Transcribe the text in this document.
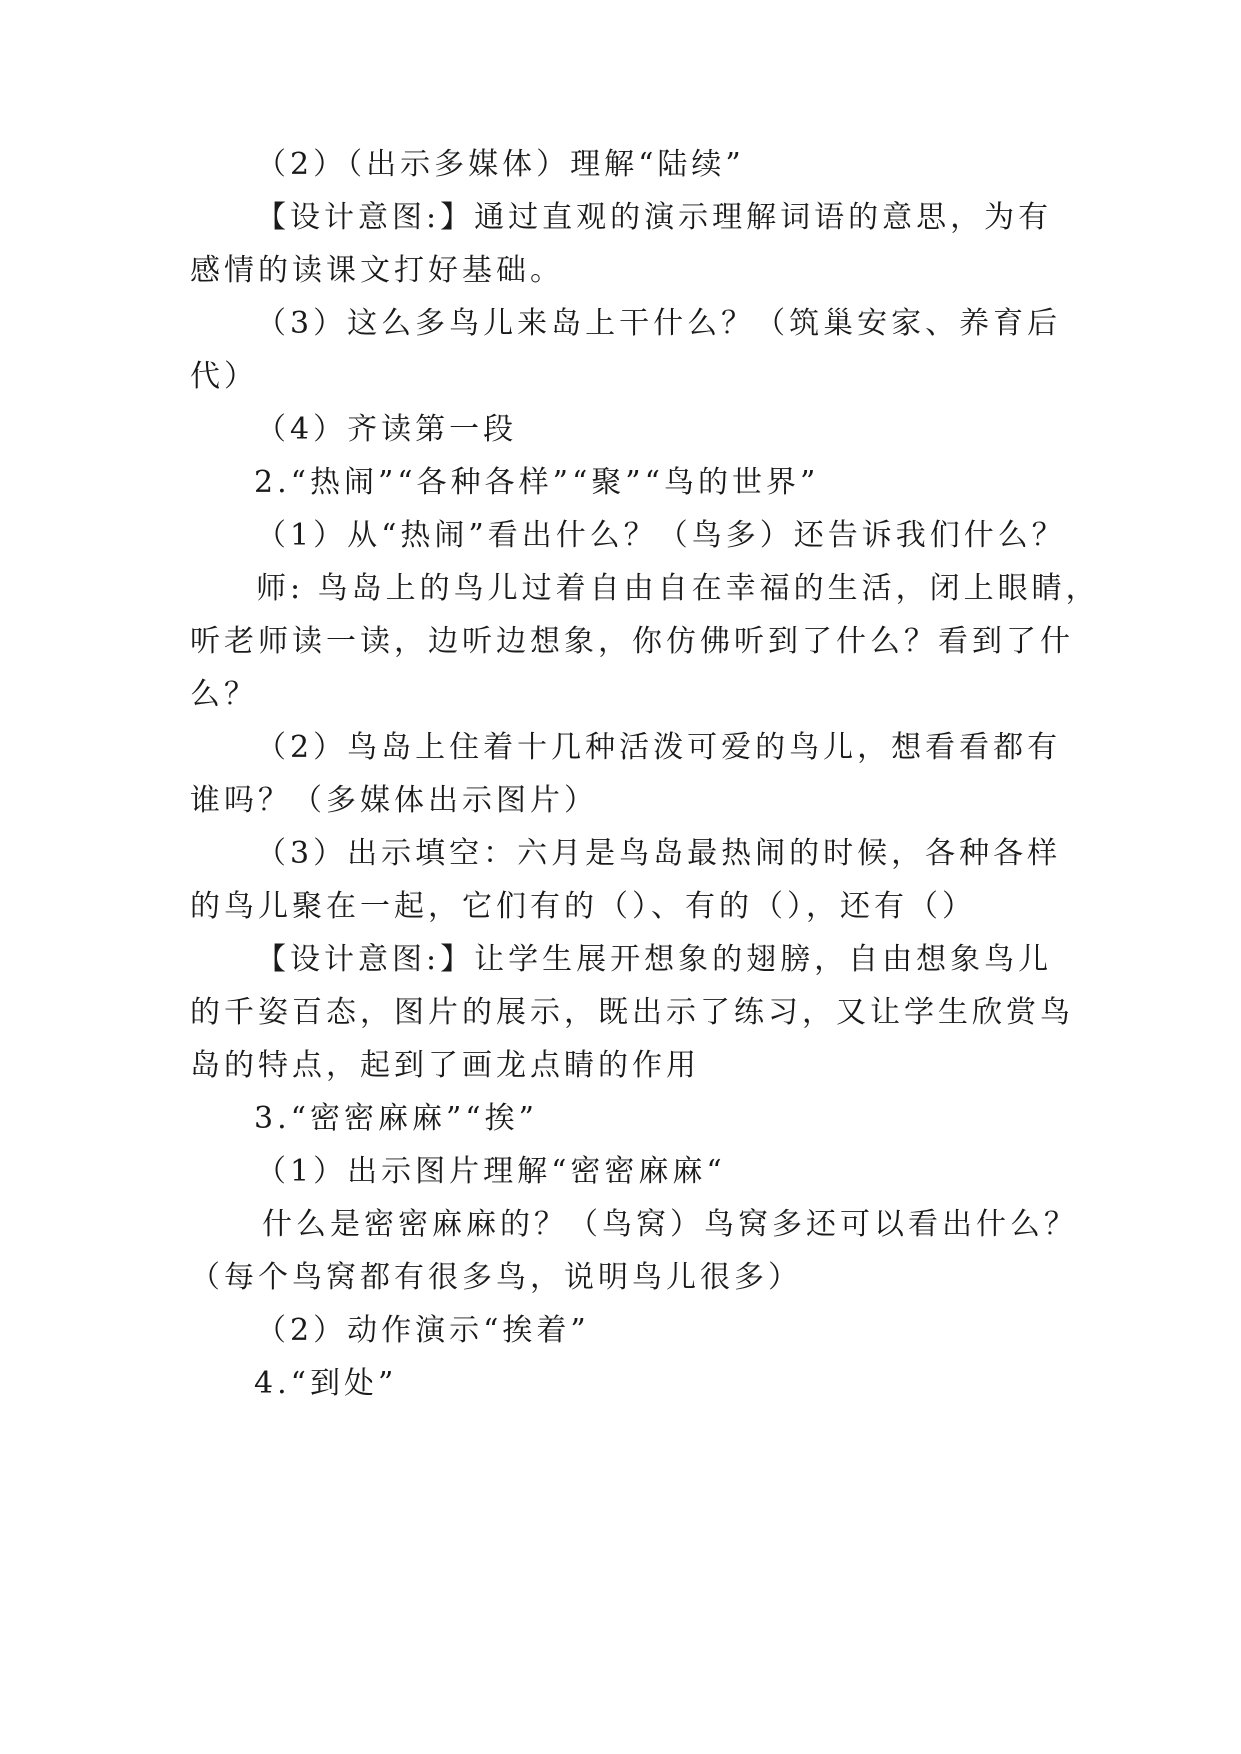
（2）（出示多媒体）理解“陆续”
【设计意图:】通过直观的演示理解词语的意思，为有
感情的读课文打好基础。
（3）这么多鸟儿来岛上干什么？（筑巢安家、养育后
代）
（4）齐读第一段
2.“热闹”“各种各样”“聚”“鸟的世界”
（1）从“热闹”看出什么？（鸟多）还告诉我们什么？
师: 鸟岛上的鸟儿过着自由自在幸福的生活，闭上眼睛，
听老师读一读，边听边想象，你仿佛听到了什么？看到了什
么？
（2）鸟岛上住着十几种活泼可爱的鸟儿，想看看都有
谁吗？（多媒体出示图片）
（3）出示填空：六月是鸟岛最热闹的时候，各种各样
的鸟儿聚在一起，它们有的（）、有的（），还有（）
【设计意图:】让学生展开想象的翅膀，自由想象鸟儿
的千姿百态，图片的展示，既出示了练习，又让学生欣赏鸟
岛的特点，起到了画龙点睛的作用
3.“密密麻麻”“挨”
（1）出示图片理解“密密麻麻“
什么是密密麻麻的？（鸟窝）鸟窝多还可以看出什么？
（每个鸟窝都有很多鸟，说明鸟儿很多）
（2）动作演示“挨着”
4.“到处”
